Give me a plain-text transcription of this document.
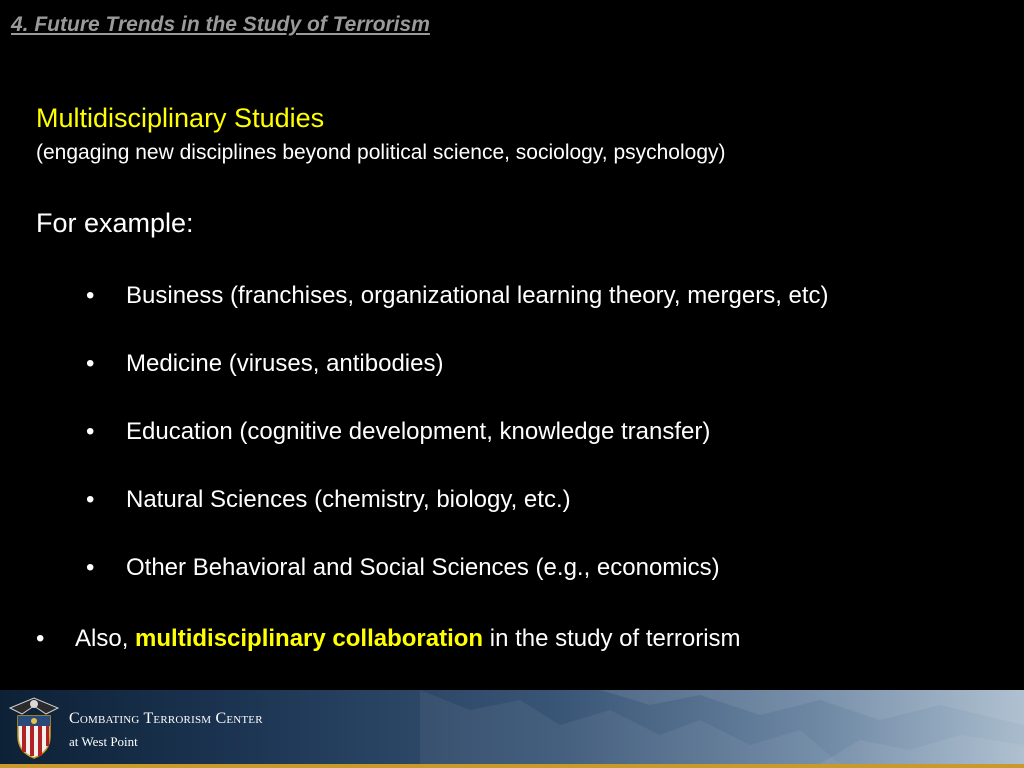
4. Future Trends in the Study of Terrorism
Multidisciplinary Studies
(engaging new disciplines beyond political science, sociology, psychology)
For example:
• Business (franchises, organizational learning theory, mergers, etc)
• Medicine (viruses, antibodies)
• Education (cognitive development, knowledge transfer)
• Natural Sciences (chemistry, biology, etc.)
• Other Behavioral and Social Sciences (e.g., economics)
• Also, multidisciplinary collaboration in the study of terrorism
Combating Terrorism Center
at West Point
